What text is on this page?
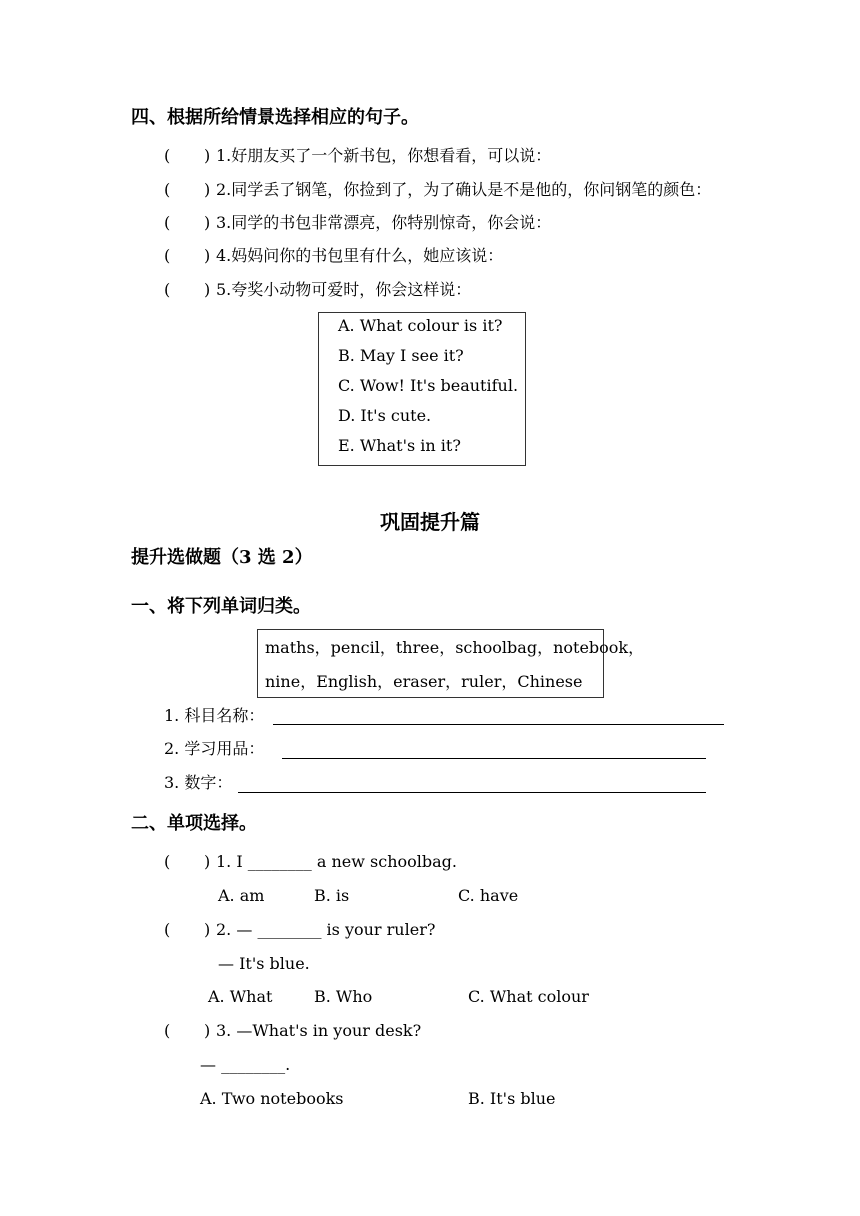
四、根据所给情景选择相应的句子。
( ) 1.好朋友买了一个新书包，你想看看，可以说：
( ) 2.同学丢了钢笔，你捡到了，为了确认是不是他的，你问钢笔的颜色：
( ) 3.同学的书包非常漂亮，你特别惊奇，你会说：
( ) 4.妈妈问你的书包里有什么，她应该说：
( ) 5.夸奖小动物可爱时，你会这样说：
A. What colour is it?
B. May I see it?
C. Wow! It's beautiful.
D. It's cute.
E. What's in it?
巩固提升篇
提升选做题（3 选 2）
一、将下列单词归类。
maths，pencil，three，schoolbag，notebook，
nine，English，eraser，ruler，Chinese
1. 科目名称：
2. 学习用品：
3. 数字：
二、单项选择。
( ) 1. I ________ a new schoolbag.
A. am	B. is	C. have
( ) 2. — ________ is your ruler?
— It's blue.
A. What	B. Who	C. What colour
( ) 3. —What's in your desk?
— ________.
A. Two notebooks	B. It's blue
